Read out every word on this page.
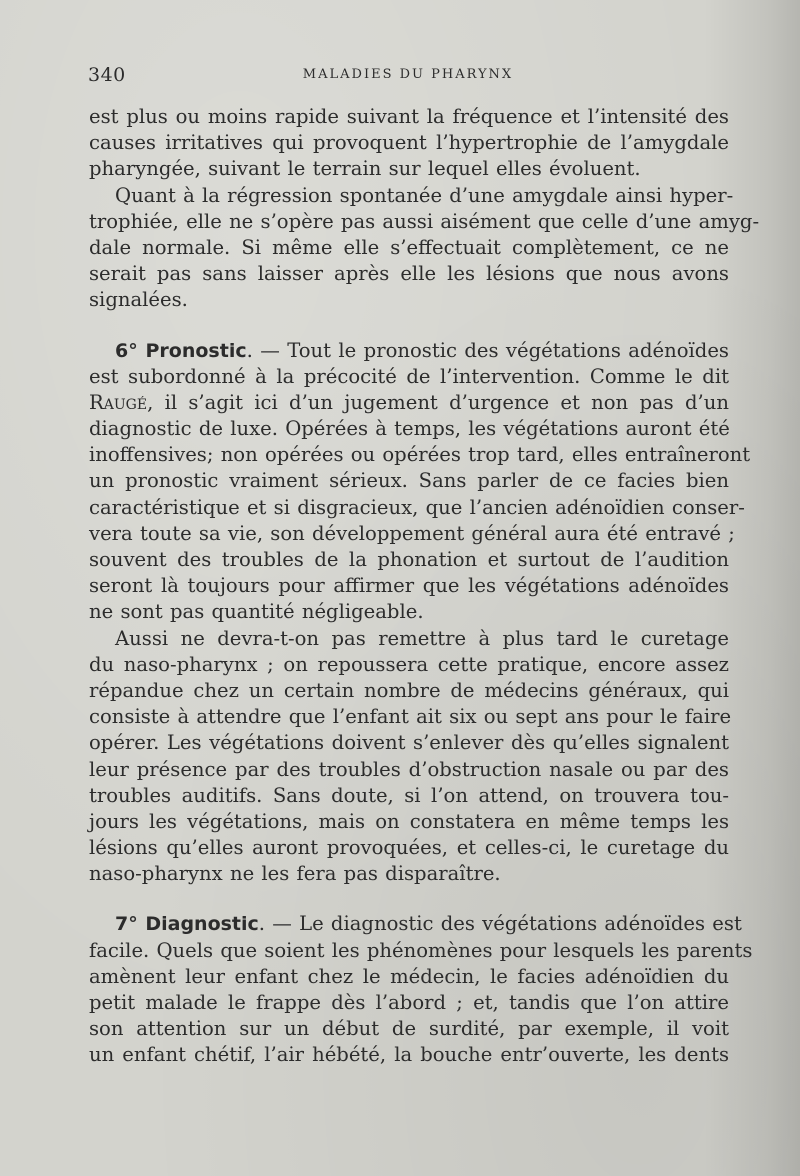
340	MALADIES DU PHARYNX
est plus ou moins rapide suivant la fréquence et l’intensité des
causes irritatives qui provoquent l’hypertrophie de l’amygdale
pharyngée, suivant le terrain sur lequel elles évoluent.
Quant à la régression spontanée d’une amygdale ainsi hyper-
trophiée, elle ne s’opère pas aussi aisément que celle d’une amyg-
dale normale. Si même elle s’effectuait complètement, ce ne
serait pas sans laisser après elle les lésions que nous avons
signalées.
6° Pronostic. — Tout le pronostic des végétations adénoïdes
est subordonné à la précocité de l’intervention. Comme le dit
Raugé, il s’agit ici d’un jugement d’urgence et non pas d’un
diagnostic de luxe. Opérées à temps, les végétations auront été
inoffensives; non opérées ou opérées trop tard, elles entraîneront
un pronostic vraiment sérieux. Sans parler de ce facies bien
caractéristique et si disgracieux, que l’ancien adénoïdien conser-
vera toute sa vie, son développement général aura été entravé ;
souvent des troubles de la phonation et surtout de l’audition
seront là toujours pour affirmer que les végétations adénoïdes
ne sont pas quantité négligeable.
Aussi ne devra-t-on pas remettre à plus tard le curetage
du naso-pharynx ; on repoussera cette pratique, encore assez
répandue chez un certain nombre de médecins généraux, qui
consiste à attendre que l’enfant ait six ou sept ans pour le faire
opérer. Les végétations doivent s’enlever dès qu’elles signalent
leur présence par des troubles d’obstruction nasale ou par des
troubles auditifs. Sans doute, si l’on attend, on trouvera tou-
jours les végétations, mais on constatera en même temps les
lésions qu’elles auront provoquées, et celles-ci, le curetage du
naso-pharynx ne les fera pas disparaître.
7° Diagnostic. — Le diagnostic des végétations adénoïdes est
facile. Quels que soient les phénomènes pour lesquels les parents
amènent leur enfant chez le médecin, le facies adénoïdien du
petit malade le frappe dès l’abord ; et, tandis que l’on attire
son attention sur un début de surdité, par exemple, il voit
un enfant chétif, l’air hébété, la bouche entr’ouverte, les dents
